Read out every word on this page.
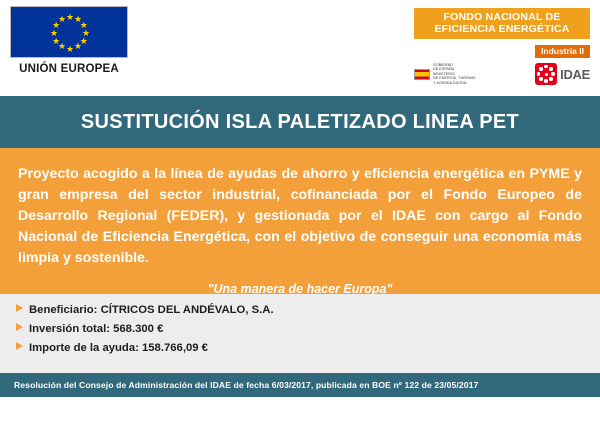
★ ★
★
★
★
★
★
★
★
★
★
★
UNIÓN EUROPEA
FONDO NACIONAL DE
EFICIENCIA ENERGÉTICA
Industria II
GOBIERNO
DE ESPAÑA
MINISTERIO
DE ENERGÍA, TURISMO
Y AGENDA DIGITAL
IDAE
SUSTITUCIÓN ISLA PALETIZADO LINEA PET

Proyecto acogido a la línea de ayudas de ahorro y eficiencia energética en PYME y gran empresa del sector industrial, cofinanciada por el Fondo Europeo de Desarrollo Regional (FEDER), y gestionada por el IDAE con cargo al Fondo Nacional de Eficiencia Energética, con el objetivo de conseguir una economía más limpia y sostenible.

"Una manera de hacer Europa"

Beneficiario: CÍTRICOS DEL ANDÉVALO, S.A.
Inversión total: 568.300 €
Importe de la ayuda: 158.766,09 €
Resolución del Consejo de Administración del IDAE de fecha 6/03/2017, publicada en BOE nº 122 de 23/05/2017
